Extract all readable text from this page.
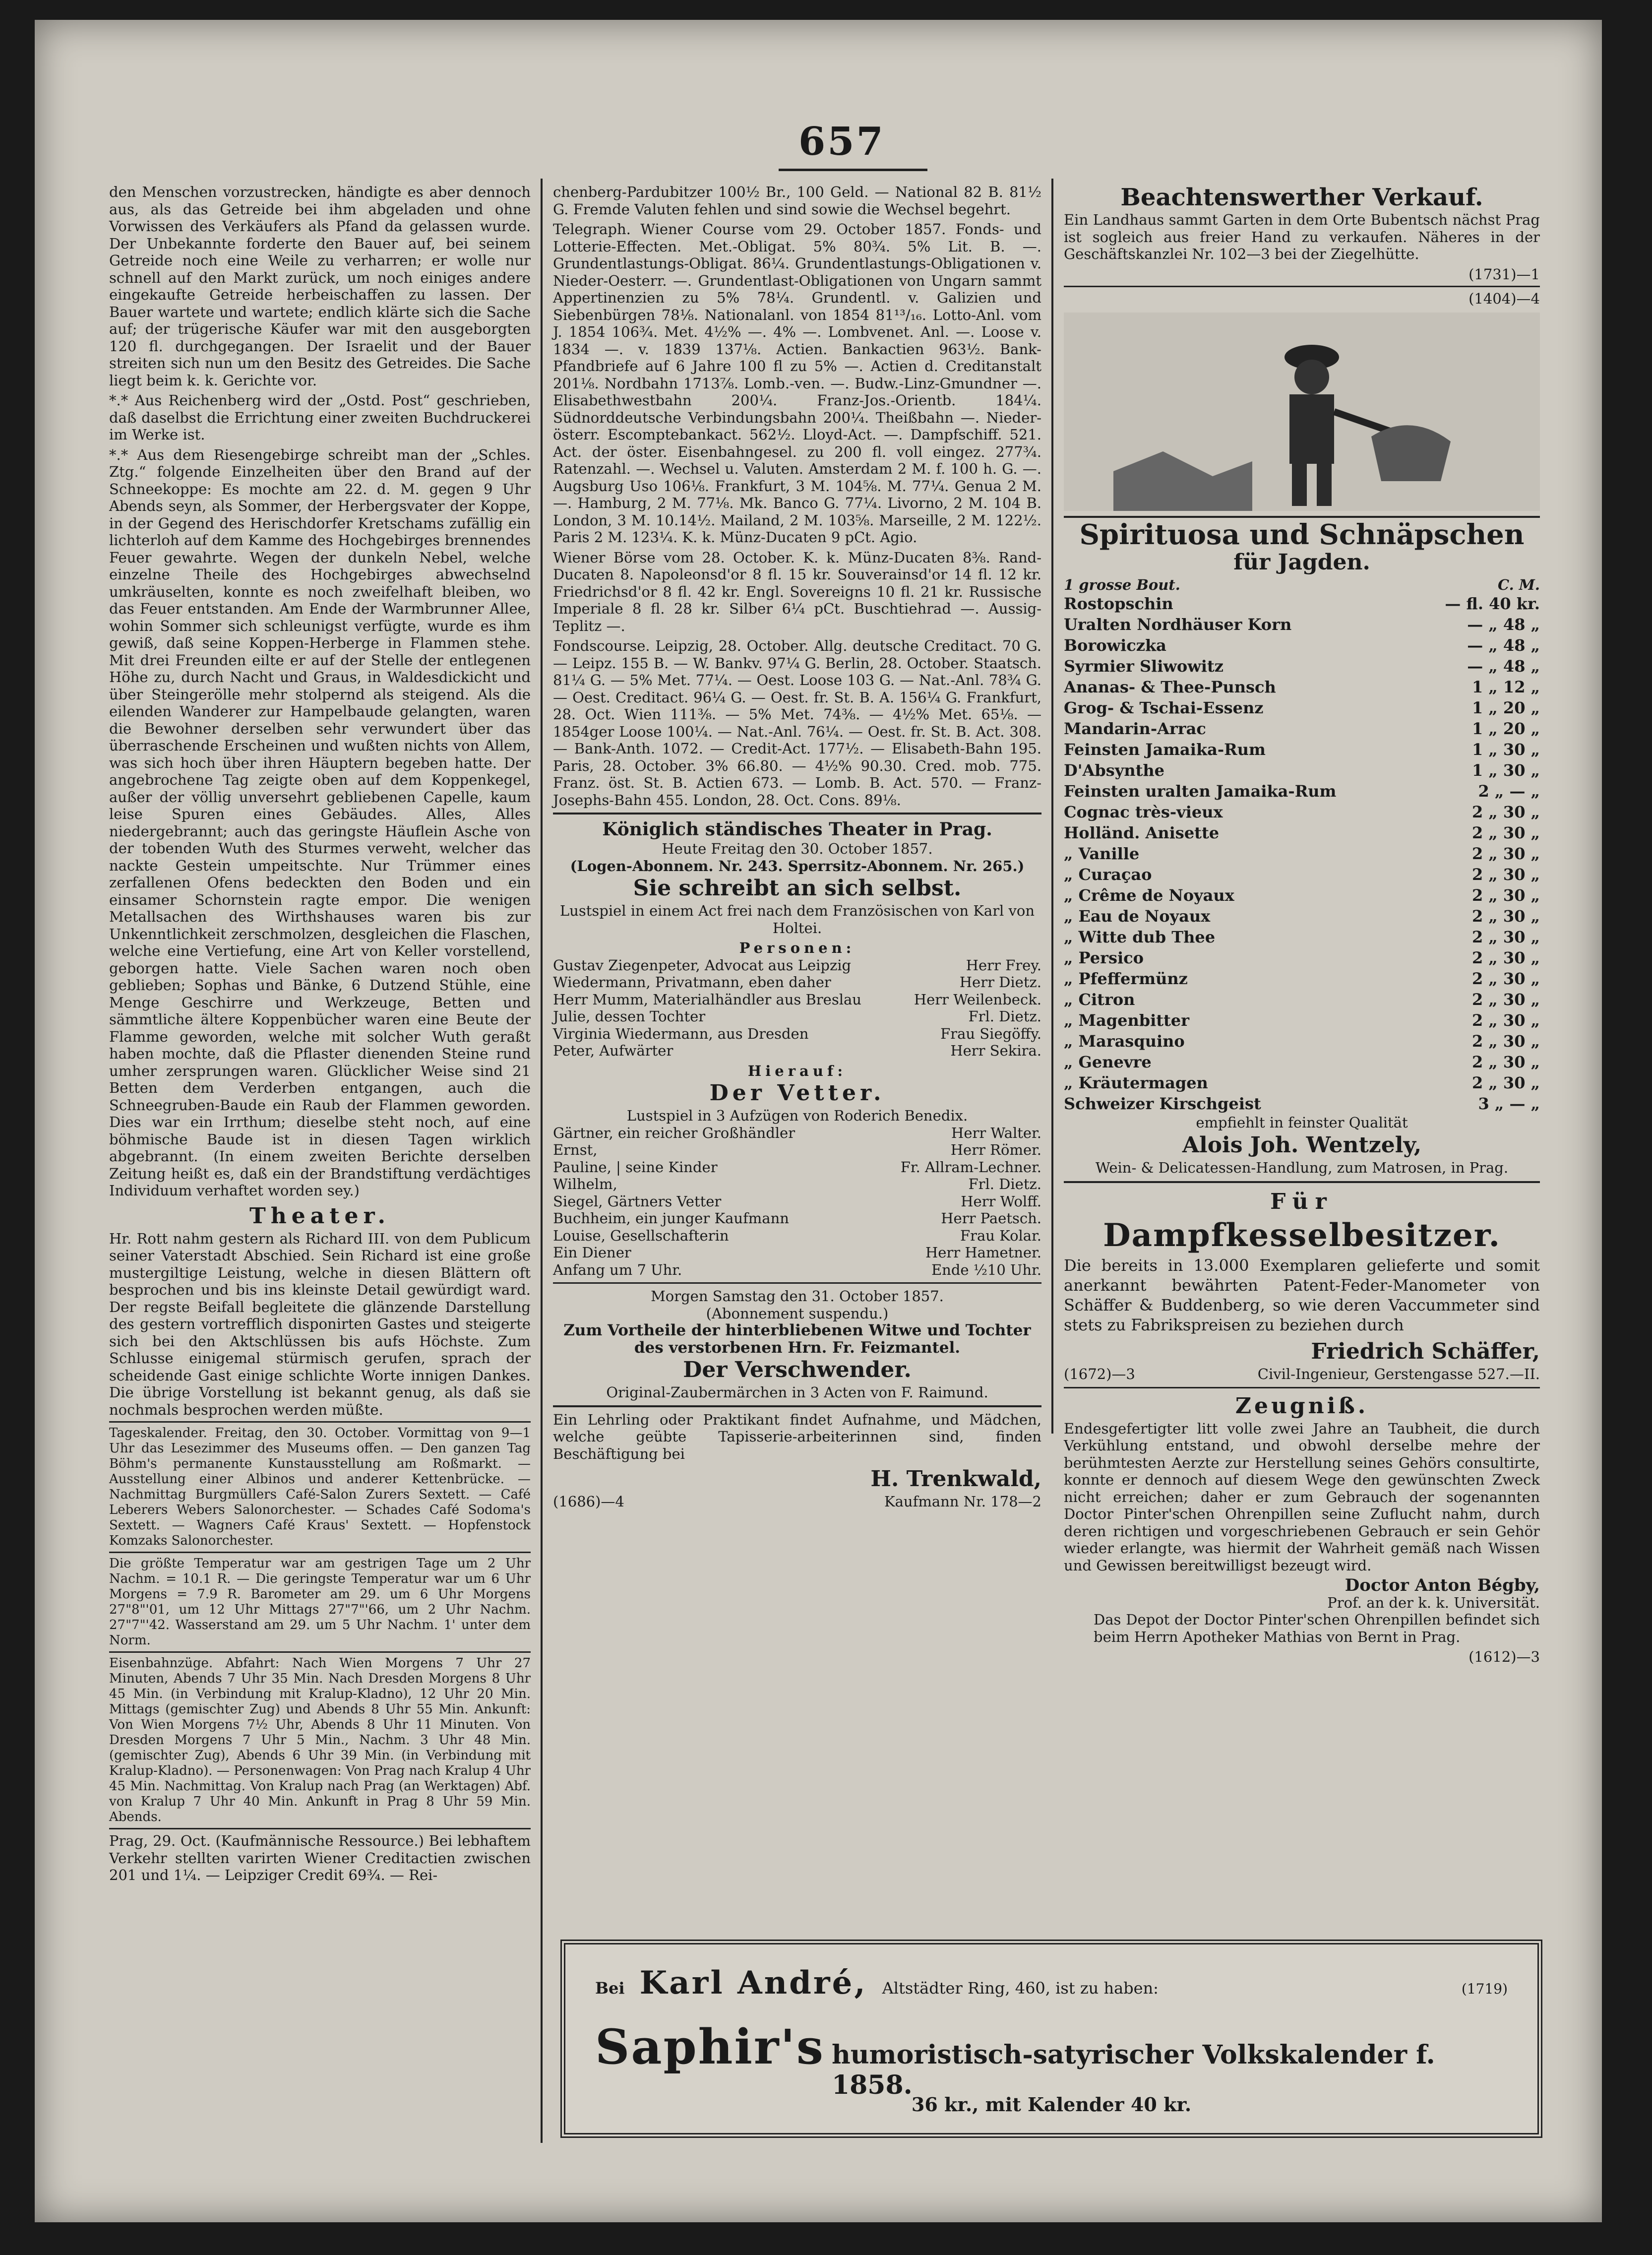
657

den Menschen vorzustrecken, händigte es aber dennoch aus, als das Getreide bei ihm abgeladen und ohne Vorwissen des Verkäufers als Pfand da gelassen wurde. Der Unbekannte forderte den Bauer auf, bei seinem Getreide noch eine Weile zu verharren; er wolle nur schnell auf den Markt zurück, um noch einiges andere eingekaufte Getreide herbeischaffen zu lassen. Der Bauer wartete und wartete; endlich klärte sich die Sache auf; der trügerische Käufer war mit den ausgeborgten 120 fl. durchgegangen. Der Israelit und der Bauer streiten sich nun um den Besitz des Getreides. Die Sache liegt beim k. k. Gerichte vor.

*.* Aus Reichenberg wird der „Ostd. Post“ geschrieben, daß daselbst die Errichtung einer zweiten Buchdruckerei im Werke ist.

*.* Aus dem Riesengebirge schreibt man der „Schles. Ztg.“ folgende Einzelheiten über den Brand auf der Schneekoppe: Es mochte am 22. d. M. gegen 9 Uhr Abends seyn, als Sommer, der Herbergsvater der Koppe, in der Gegend des Herischdorfer Kretschams zufällig ein lichterloh auf dem Kamme des Hochgebirges brennendes Feuer gewahrte. Wegen der dunkeln Nebel, welche einzelne Theile des Hochgebirges abwechselnd umkräuselten, konnte es noch zweifelhaft bleiben, wo das Feuer entstanden. Am Ende der Warmbrunner Allee, wohin Sommer sich schleunigst verfügte, wurde es ihm gewiß, daß seine Koppen-Herberge in Flammen stehe. Mit drei Freunden eilte er auf der Stelle der entlegenen Höhe zu, durch Nacht und Graus, in Waldesdickicht und über Steingerölle mehr stolpernd als steigend. Als die eilenden Wanderer zur Hampelbaude gelangten, waren die Bewohner derselben sehr verwundert über das überraschende Erscheinen und wußten nichts von Allem, was sich hoch über ihren Häuptern begeben hatte. Der angebrochene Tag zeigte oben auf dem Koppenkegel, außer der völlig unversehrt gebliebenen Capelle, kaum leise Spuren eines Gebäudes. Alles, Alles niedergebrannt; auch das geringste Häuflein Asche von der tobenden Wuth des Sturmes verweht, welcher das nackte Gestein umpeitschte. Nur Trümmer eines zerfallenen Ofens bedeckten den Boden und ein einsamer Schornstein ragte empor. Die wenigen Metallsachen des Wirthshauses waren bis zur Unkenntlichkeit zerschmolzen, desgleichen die Flaschen, welche eine Vertiefung, eine Art von Keller vorstellend, geborgen hatte. Viele Sachen waren noch oben geblieben; Sophas und Bänke, 6 Dutzend Stühle, eine Menge Geschirre und Werkzeuge, Betten und sämmtliche ältere Koppenbücher waren eine Beute der Flamme geworden, welche mit solcher Wuth geraßt haben mochte, daß die Pflaster dienenden Steine rund umher zersprungen waren. Glücklicher Weise sind 21 Betten dem Verderben entgangen, auch die Schneegruben-Baude ein Raub der Flammen geworden. Dies war ein Irrthum; dieselbe steht noch, auf eine böhmische Baude ist in diesen Tagen wirklich abgebrannt. (In einem zweiten Berichte derselben Zeitung heißt es, daß ein der Brandstiftung verdächtiges Individuum verhaftet worden sey.)

Theater.

Hr. Rott nahm gestern als Richard III. von dem Publicum seiner Vaterstadt Abschied. Sein Richard ist eine große mustergiltige Leistung, welche in diesen Blättern oft besprochen und bis ins kleinste Detail gewürdigt ward. Der regste Beifall begleitete die glänzende Darstellung des gestern vortrefflich disponirten Gastes und steigerte sich bei den Aktschlüssen bis aufs Höchste. Zum Schlusse einigemal stürmisch gerufen, sprach der scheidende Gast einige schlichte Worte innigen Dankes. Die übrige Vorstellung ist bekannt genug, als daß sie nochmals besprochen werden müßte.

Tageskalender. Freitag, den 30. October. Vormittag von 9—1 Uhr das Lesezimmer des Museums offen. — Den ganzen Tag Böhm's permanente Kunstausstellung am Roßmarkt. — Ausstellung einer Albinos und anderer Kettenbrücke. — Nachmittag Burgmüllers Café-Salon Zurers Sextett. — Café Leberers Webers Salonorchester. — Schades Café Sodoma's Sextett. — Wagners Café Kraus' Sextett. — Hopfenstock Komzaks Salonorchester.

Die größte Temperatur war am gestrigen Tage um 2 Uhr Nachm. = 10.1 R. — Die geringste Temperatur war um 6 Uhr Morgens = 7.9 R. Barometer am 29. um 6 Uhr Morgens 27"8"'01, um 12 Uhr Mittags 27"7"'66, um 2 Uhr Nachm. 27"7"'42. Wasserstand am 29. um 5 Uhr Nachm. 1' unter dem Norm.

Eisenbahnzüge. Abfahrt: Nach Wien Morgens 7 Uhr 27 Minuten, Abends 7 Uhr 35 Min. Nach Dresden Morgens 8 Uhr 45 Min. (in Verbindung mit Kralup-Kladno), 12 Uhr 20 Min. Mittags (gemischter Zug) und Abends 8 Uhr 55 Min. Ankunft: Von Wien Morgens 7½ Uhr, Abends 8 Uhr 11 Minuten. Von Dresden Morgens 7 Uhr 5 Min., Nachm. 3 Uhr 48 Min. (gemischter Zug), Abends 6 Uhr 39 Min. (in Verbindung mit Kralup-Kladno). — Personenwagen: Von Prag nach Kralup 4 Uhr 45 Min. Nachmittag. Von Kralup nach Prag (an Werktagen) Abf. von Kralup 7 Uhr 40 Min. Ankunft in Prag 8 Uhr 59 Min. Abends.

Prag, 29. Oct. (Kaufmännische Ressource.) Bei lebhaftem Verkehr stellten varirten Wiener Creditactien zwischen 201 und 1¼. — Leipziger Credit 69¾. — Rei-

chenberg-Pardubitzer 100½ Br., 100 Geld. — National 82 B. 81½ G. Fremde Valuten fehlen und sind sowie die Wechsel begehrt.

Telegraph. Wiener Course vom 29. October 1857. Fonds- und Lotterie-Effecten. Met.-Obligat. 5% 80¾. 5% Lit. B. —. Grundentlastungs-Obligat. 86¼. Grundentlastungs-Obligationen v. Nieder-Oesterr. —. Grundentlast-Obligationen von Ungarn sammt Appertinenzien zu 5% 78¼. Grundentl. v. Galizien und Siebenbürgen 78⅛. Nationalanl. von 1854 81¹³/₁₆. Lotto-Anl. vom J. 1854 106¾. Met. 4½% —. 4% —. Lombvenet. Anl. —. Loose v. 1834 —. v. 1839 137⅛. Actien. Bankactien 963½. Bank-Pfandbriefe auf 6 Jahre 100 fl zu 5% —. Actien d. Creditanstalt 201⅛. Nordbahn 1713⅞. Lomb.-ven. —. Budw.-Linz-Gmundner —. Elisabethwestbahn 200¼. Franz-Jos.-Orientb. 184¼. Südnorddeutsche Verbindungsbahn 200¼. Theißbahn —. Nieder-österr. Escomptebankact. 562½. Lloyd-Act. —. Dampfschiff. 521. Act. der öster. Eisenbahngesel. zu 200 fl. voll eingez. 277¾. Ratenzahl. —. Wechsel u. Valuten. Amsterdam 2 M. f. 100 h. G. —. Augsburg Uso 106⅛. Frankfurt, 3 M. 104⅝. M. 77¼. Genua 2 M. —. Hamburg, 2 M. 77⅛. Mk. Banco G. 77¼. Livorno, 2 M. 104 B. London, 3 M. 10.14½. Mailand, 2 M. 103⅝. Marseille, 2 M. 122½. Paris 2 M. 123¼. K. k. Münz-Ducaten 9 pCt. Agio.

Wiener Börse vom 28. October. K. k. Münz-Ducaten 8⅜. Rand-Ducaten 8. Napoleonsd'or 8 fl. 15 kr. Souverainsd'or 14 fl. 12 kr. Friedrichsd'or 8 fl. 42 kr. Engl. Sovereigns 10 fl. 21 kr. Russische Imperiale 8 fl. 28 kr. Silber 6¼ pCt. Buschtiehrad —. Aussig-Teplitz —.

Fondscourse. Leipzig, 28. October. Allg. deutsche Creditact. 70 G. — Leipz. 155 B. — W. Bankv. 97¼ G. Berlin, 28. October. Staatsch. 81¼ G. — 5% Met. 77¼. — Oest. Loose 103 G. — Nat.-Anl. 78¾ G. — Oest. Creditact. 96¼ G. — Oest. fr. St. B. A. 156¼ G. Frankfurt, 28. Oct. Wien 111⅜. — 5% Met. 74⅜. — 4½% Met. 65⅛. — 1854ger Loose 100¼. — Nat.-Anl. 76¼. — Oest. fr. St. B. Act. 308. — Bank-Anth. 1072. — Credit-Act. 177½. — Elisabeth-Bahn 195. Paris, 28. October. 3% 66.80. — 4½% 90.30. Cred. mob. 775. Franz. öst. St. B. Actien 673. — Lomb. B. Act. 570. — Franz-Josephs-Bahn 455. London, 28. Oct. Cons. 89⅛.

Königlich ständisches Theater in Prag.
Heute Freitag den 30. October 1857.
(Logen-Abonnem. Nr. 243. Sperrsitz-Abonnem. Nr. 265.)
Sie schreibt an sich selbst.

Lustspiel in einem Act frei nach dem Französischen von Karl von Holtei.

Personen:
Gustav Ziegenpeter, Advocat aus Leipzig	Herr Frey.
Wiedermann, Privatmann, eben daher	Herr Dietz.
Herr Mumm, Materialhändler aus Breslau	Herr Weilenbeck.
Julie, dessen Tochter	Frl. Dietz.
Virginia Wiedermann, aus Dresden	Frau Siegöffy.
Peter, Aufwärter	Herr Sekira.
Hierauf:
Der Vetter.
Lustspiel in 3 Aufzügen von Roderich Benedix.
Gärtner, ein reicher Großhändler	Herr Walter.
Ernst,	Herr Römer.
Pauline, | seine Kinder	Fr. Allram-Lechner.
Wilhelm,	Frl. Dietz.
Siegel, Gärtners Vetter	Herr Wolff.
Buchheim, ein junger Kaufmann	Herr Paetsch.
Louise, Gesellschafterin	Frau Kolar.
Ein Diener	Herr Hametner.
Anfang um 7 Uhr.	Ende ½10 Uhr.
Morgen Samstag den 31. October 1857.
(Abonnement suspendu.)
Zum Vortheile der hinterbliebenen Witwe und Tochter des verstorbenen Hrn. Fr. Feizmantel.
Der Verschwender.
Original-Zaubermärchen in 3 Acten von F. Raimund.

Ein Lehrling oder Praktikant findet Aufnahme, und Mädchen, welche geübte Tapisserie-arbeiterinnen sind, finden Beschäftigung bei

H. Trenkwald,
(1686)—4	Kaufmann Nr. 178—2
Beachtenswerther Verkauf.

Ein Landhaus sammt Garten in dem Orte Bubentsch nächst Prag ist sogleich aus freier Hand zu verkaufen. Näheres in der Geschäftskanzlei Nr. 102—3 bei der Ziegelhütte.

(1731)—1
(1404)—4
Spirituosa und Schnäpschen
für Jagden.
1 grosse Bout.	C. M.
Rostopschin	— fl. 40 kr.
Uralten Nordhäuser Korn	— „ 48 „
Borowiczka	— „ 48 „
Syrmier Sliwowitz	— „ 48 „
Ananas- & Thee-Punsch	1 „ 12 „
Grog- & Tschai-Essenz	1 „ 20 „
Mandarin-Arrac	1 „ 20 „
Feinsten Jamaika-Rum	1 „ 30 „
D'Absynthe	1 „ 30 „
Feinsten uralten Jamaika-Rum	2 „ — „
Cognac très-vieux	2 „ 30 „
Holländ. Anisette	2 „ 30 „
„ Vanille	2 „ 30 „
„ Curaçao	2 „ 30 „
„ Crême de Noyaux	2 „ 30 „
„ Eau de Noyaux	2 „ 30 „
„ Witte dub Thee	2 „ 30 „
„ Persico	2 „ 30 „
„ Pfeffermünz	2 „ 30 „
„ Citron	2 „ 30 „
„ Magenbitter	2 „ 30 „
„ Marasquino	2 „ 30 „
„ Genevre	2 „ 30 „
„ Kräutermagen	2 „ 30 „
Schweizer Kirschgeist	3 „ — „
empfiehlt in feinster Qualität
Alois Joh. Wentzely,
Wein- & Delicatessen-Handlung, zum Matrosen, in Prag.
Für
Dampfkesselbesitzer.

Die bereits in 13.000 Exemplaren gelieferte und somit anerkannt bewährten Patent-Feder-Manometer von Schäffer & Buddenberg, so wie deren Vaccummeter sind stets zu Fabrikspreisen zu beziehen durch

Friedrich Schäffer,
(1672)—3	Civil-Ingenieur, Gerstengasse 527.—II.
Zeugniß.

Endesgefertigter litt volle zwei Jahre an Taubheit, die durch Verkühlung entstand, und obwohl derselbe mehre der berühmtesten Aerzte zur Herstellung seines Gehörs consultirte, konnte er dennoch auf diesem Wege den gewünschten Zweck nicht erreichen; daher er zum Gebrauch der sogenannten Doctor Pinter'schen Ohrenpillen seine Zuflucht nahm, durch deren richtigen und vorgeschriebenen Gebrauch er sein Gehör wieder erlangte, was hiermit der Wahrheit gemäß nach Wissen und Gewissen bereitwilligst bezeugt wird.

Doctor Anton Bégby,
Prof. an der k. k. Universität.

Das Depot der Doctor Pinter'schen Ohrenpillen befindet sich beim Herrn Apotheker Mathias von Bernt in Prag.

(1612)—3
Bei Karl André, Altstädter Ring, 460, ist zu haben:	(1719)
Saphir's humoristisch-satyrischer Volkskalender f. 1858.
36 kr., mit Kalender 40 kr.
